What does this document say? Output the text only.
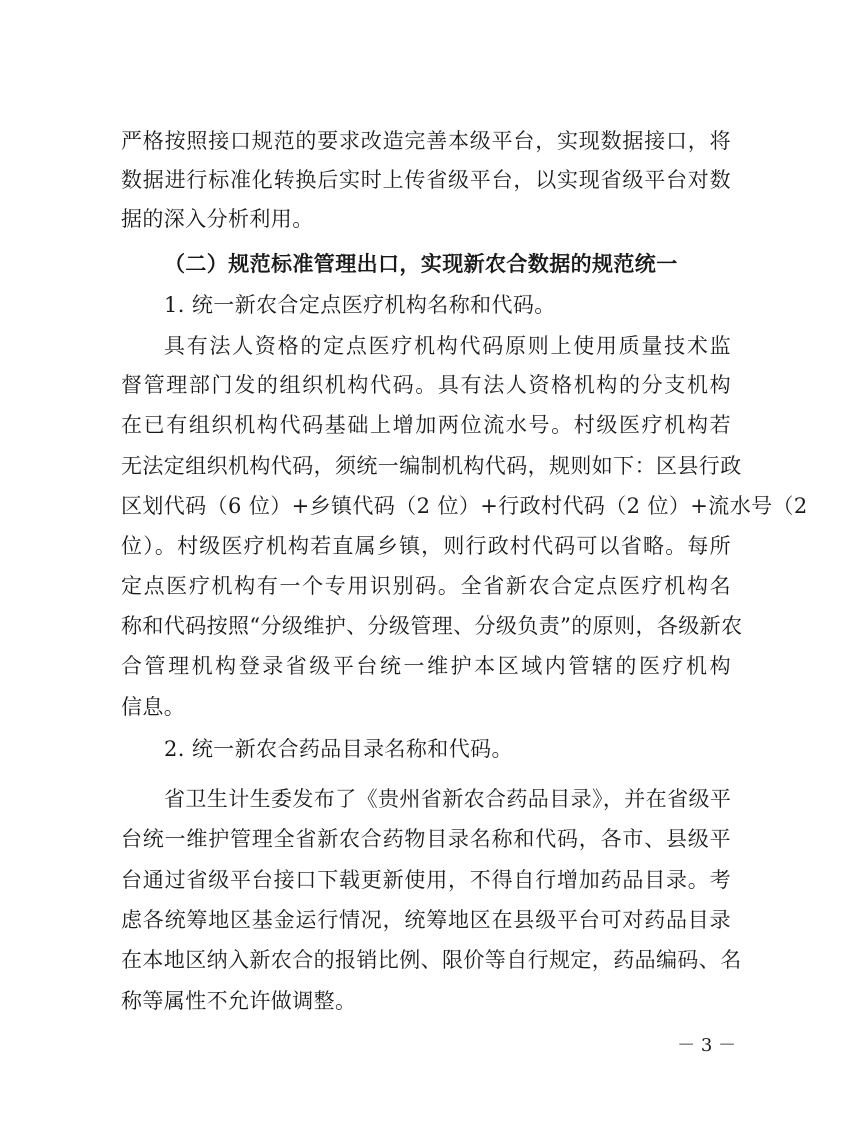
严格按照接口规范的要求改造完善本级平台，实现数据接口，将
数据进行标准化转换后实时上传省级平台，以实现省级平台对数
据的深入分析利用。
（二）规范标准管理出口，实现新农合数据的规范统一
1. 统一新农合定点医疗机构名称和代码。
具有法人资格的定点医疗机构代码原则上使用质量技术监
督管理部门发的组织机构代码。具有法人资格机构的分支机构
在已有组织机构代码基础上增加两位流水号。村级医疗机构若
无法定组织机构代码，须统一编制机构代码，规则如下：区县行政
区划代码（6 位）+乡镇代码（2 位）+行政村代码（2 位）+流水号（2
位）。村级医疗机构若直属乡镇，则行政村代码可以省略。每所
定点医疗机构有一个专用识别码。全省新农合定点医疗机构名
称和代码按照“分级维护、分级管理、分级负责”的原则，各级新农
合管理机构登录省级平台统一维护本区域内管辖的医疗机构
信息。
2. 统一新农合药品目录名称和代码。
省卫生计生委发布了《贵州省新农合药品目录》，并在省级平
台统一维护管理全省新农合药物目录名称和代码，各市、县级平
台通过省级平台接口下载更新使用，不得自行增加药品目录。考
虑各统筹地区基金运行情况，统筹地区在县级平台可对药品目录
在本地区纳入新农合的报销比例、限价等自行规定，药品编码、名
称等属性不允许做调整。
－ 3 －
